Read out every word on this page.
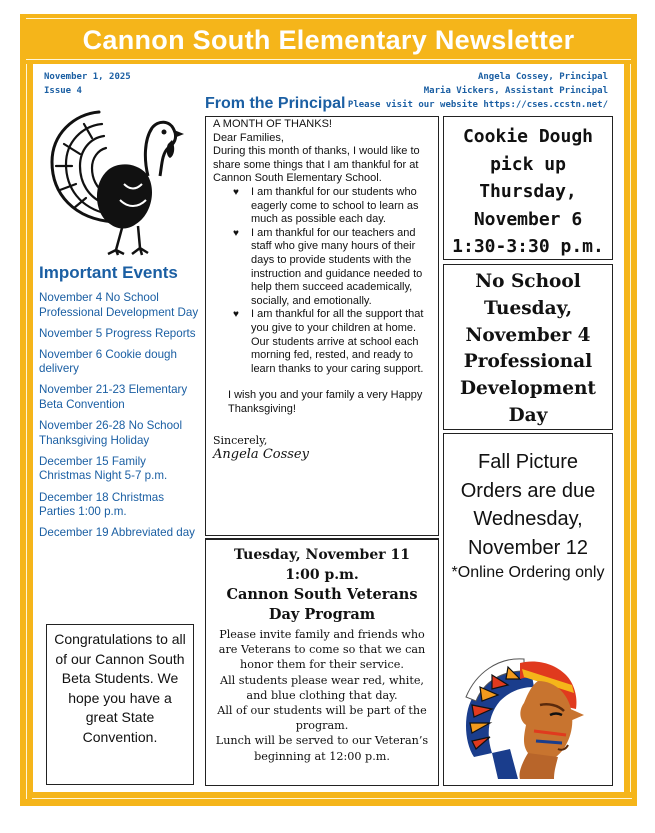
Cannon South Elementary Newsletter
November 1, 2025
Issue 4
Angela Cossey, Principal
Maria Vickers, Assistant Principal
Please visit our website https://cses.ccstn.net/
From the Principal

A MONTH OF THANKS!

Dear Families,

During this month of thanks, I would like to share some things that I am thankful for at Cannon South Elementary School.

♥ I am thankful for our students who eagerly come to school to learn as much as possible each day.
♥ I am thankful for our teachers and staff who give many hours of their days to provide students with the instruction and guidance needed to help them succeed academically, socially, and emotionally.
♥ I am thankful for all the support that you give to your children at home. Our students arrive at school each morning fed, rested, and ready to learn thanks to your caring support.

I wish you and your family a very Happy Thanksgiving!

Sincerely,

Angela Cossey

Important Events
November 4 No School Professional Development Day
November 5 Progress Reports
November 6 Cookie dough delivery
November 21-23 Elementary Beta Convention
November 26-28 No School Thanksgiving Holiday
December 15 Family Christmas Night 5-7 p.m.
December 18 Christmas Parties 1:00 p.m.
December 19 Abbreviated day
Congratulations to all of our Cannon South Beta Students. We hope you have a great State Convention.
Tuesday, November 11
1:00 p.m.
Cannon South Veterans Day Program

Please invite family and friends who are Veterans to come so that we can honor them for their service.

All students please wear red, white, and blue clothing that day.

All of our students will be part of the program.

Lunch will be served to our Veteran’s beginning at 12:00 p.m.

Cookie Dough pick up Thursday, November 6 1:30-3:30 p.m.
No School Tuesday, November 4 Professional Development Day
Fall Picture Orders are due Wednesday, November 12
*Online Ordering only
